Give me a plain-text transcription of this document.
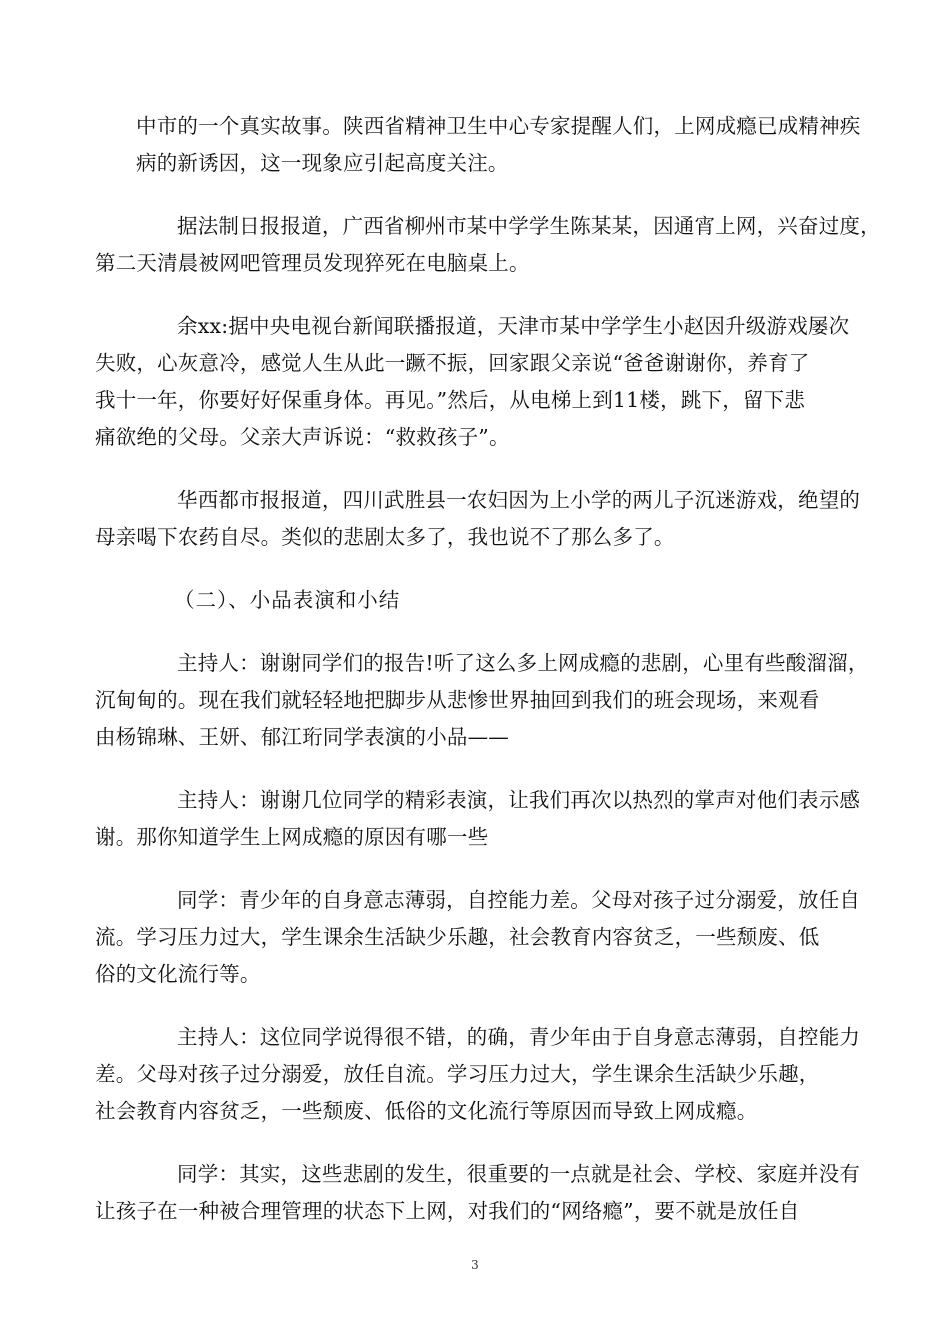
中市的一个真实故事。陕西省精神卫生中心专家提醒人们，上网成瘾已成精神疾
病的新诱因，这一现象应引起高度关注。

据法制日报报道，广西省柳州市某中学学生陈某某，因通宵上网，兴奋过度，
第二天清晨被网吧管理员发现猝死在电脑桌上。

余xx:据中央电视台新闻联播报道，天津市某中学学生小赵因升级游戏屡次
失败，心灰意冷，感觉人生从此一蹶不振，回家跟父亲说“爸爸谢谢你，养育了
我十一年，你要好好保重身体。再见。”然后，从电梯上到11楼，跳下，留下悲
痛欲绝的父母。父亲大声诉说：“救救孩子”。

华西都市报报道，四川武胜县一农妇因为上小学的两儿子沉迷游戏，绝望的
母亲喝下农药自尽。类似的悲剧太多了，我也说不了那么多了。

（二）、小品表演和小结

主持人：谢谢同学们的报告!听了这么多上网成瘾的悲剧，心里有些酸溜溜，
沉甸甸的。现在我们就轻轻地把脚步从悲惨世界抽回到我们的班会现场，来观看
由杨锦琳、王妍、郁江珩同学表演的小品——

主持人：谢谢几位同学的精彩表演，让我们再次以热烈的掌声对他们表示感
谢。那你知道学生上网成瘾的原因有哪一些

同学：青少年的自身意志薄弱，自控能力差。父母对孩子过分溺爱，放任自
流。学习压力过大，学生课余生活缺少乐趣，社会教育内容贫乏，一些颓废、低
俗的文化流行等。

主持人：这位同学说得很不错，的确，青少年由于自身意志薄弱，自控能力
差。父母对孩子过分溺爱，放任自流。学习压力过大，学生课余生活缺少乐趣，
社会教育内容贫乏，一些颓废、低俗的文化流行等原因而导致上网成瘾。

同学：其实，这些悲剧的发生，很重要的一点就是社会、学校、家庭并没有
让孩子在一种被合理管理的状态下上网，对我们的“网络瘾”，要不就是放任自

3
